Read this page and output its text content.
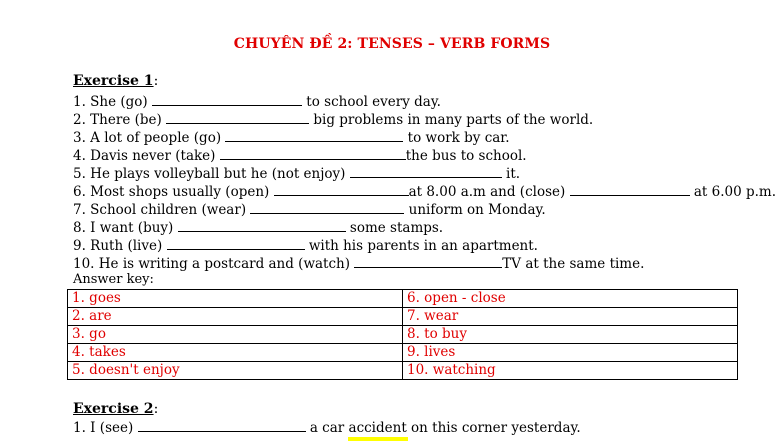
CHUYÊN ĐỀ 2: TENSES – VERB FORMS
Exercise 1:
1. She (go)	to school every day.
2. There (be)	big problems in many parts of the world.
3. A lot of people (go)	to work by car.
4. Davis never (take)	the bus to school.
5. He plays volleyball but he (not enjoy)	it.
6. Most shops usually (open)	at 8.00 a.m and (close)	at 6.00 p.m.
7. School children (wear)	uniform on Monday.
8. I want (buy)	some stamps.
9. Ruth (live)	with his parents in an apartment.
10. He is writing a postcard and (watch)	TV at the same time.
Answer key:
1. goes	6. open - close
2. are	7. wear
3. go	8. to buy
4. takes	9. lives
5. doesn't enjoy	10. watching
Exercise 2:
1. I (see)	a car accident on this corner yesterday.
